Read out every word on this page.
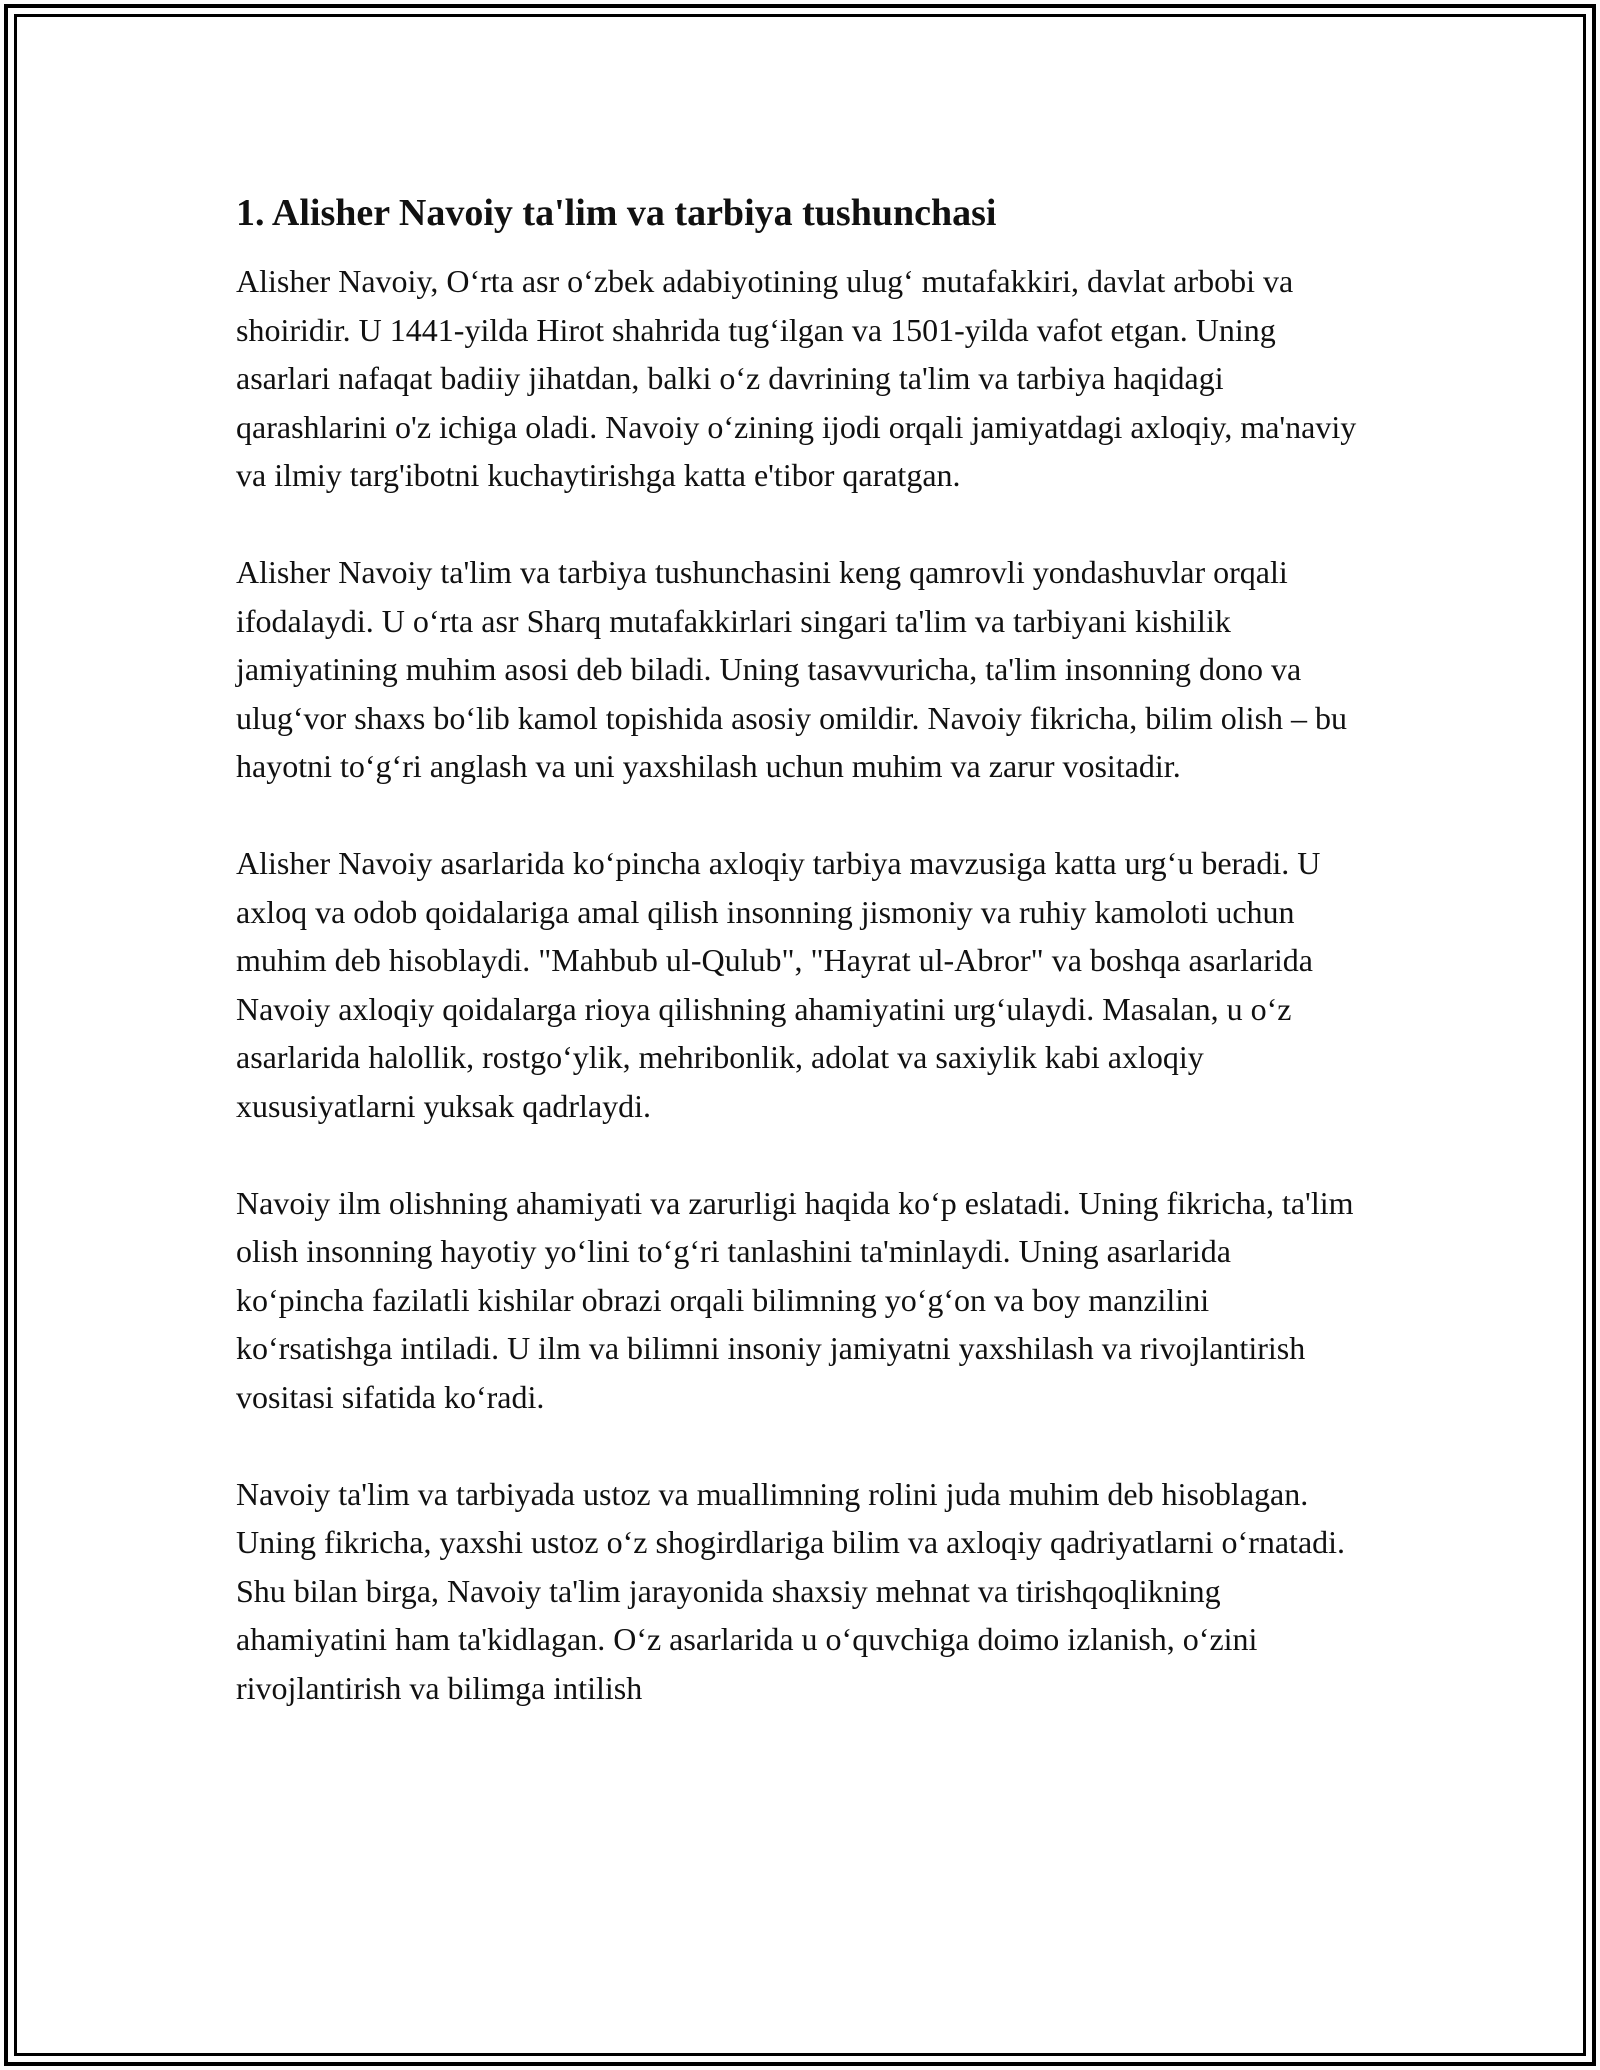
1. Alisher Navoiy ta'lim va tarbiya tushunchasi

Alisher Navoiy, O‘rta asr o‘zbek adabiyotining ulug‘ mutafakkiri, davlat arbobi va shoiridir. U 1441-yilda Hirot shahrida tug‘ilgan va 1501-yilda vafot etgan. Uning asarlari nafaqat badiiy jihatdan, balki o‘z davrining ta'lim va tarbiya haqidagi qarashlarini o'z ichiga oladi. Navoiy o‘zining ijodi orqali jamiyatdagi axloqiy, ma'naviy va ilmiy targ'ibotni kuchaytirishga katta e'tibor qaratgan.

Alisher Navoiy ta'lim va tarbiya tushunchasini keng qamrovli yondashuvlar orqali ifodalaydi. U o‘rta asr Sharq mutafakkirlari singari ta'lim va tarbiyani kishilik jamiyatining muhim asosi deb biladi. Uning tasavvuricha, ta'lim insonning dono va ulug‘vor shaxs bo‘lib kamol topishida asosiy omildir. Navoiy fikricha, bilim olish – bu hayotni to‘g‘ri anglash va uni yaxshilash uchun muhim va zarur vositadir.

Alisher Navoiy asarlarida ko‘pincha axloqiy tarbiya mavzusiga katta urg‘u beradi. U axloq va odob qoidalariga amal qilish insonning jismoniy va ruhiy kamoloti uchun muhim deb hisoblaydi. "Mahbub ul-Qulub", "Hayrat ul-Abror" va boshqa asarlarida Navoiy axloqiy qoidalarga rioya qilishning ahamiyatini urg‘ulaydi. Masalan, u o‘z asarlarida halollik, rostgo‘ylik, mehribonlik, adolat va saxiylik kabi axloqiy xususiyatlarni yuksak qadrlaydi.

Navoiy ilm olishning ahamiyati va zarurligi haqida ko‘p eslatadi. Uning fikricha, ta'lim olish insonning hayotiy yo‘lini to‘g‘ri tanlashini ta'minlaydi. Uning asarlarida ko‘pincha fazilatli kishilar obrazi orqali bilimning yo‘g‘on va boy manzilini ko‘rsatishga intiladi. U ilm va bilimni insoniy jamiyatni yaxshilash va rivojlantirish vositasi sifatida ko‘radi.

Navoiy ta'lim va tarbiyada ustoz va muallimning rolini juda muhim deb hisoblagan. Uning fikricha, yaxshi ustoz o‘z shogirdlariga bilim va axloqiy qadriyatlarni o‘rnatadi. Shu bilan birga, Navoiy ta'lim jarayonida shaxsiy mehnat va tirishqoqlikning ahamiyatini ham ta'kidlagan. O‘z asarlarida u o‘quvchiga doimo izlanish, o‘zini rivojlantirish va bilimga intilish
